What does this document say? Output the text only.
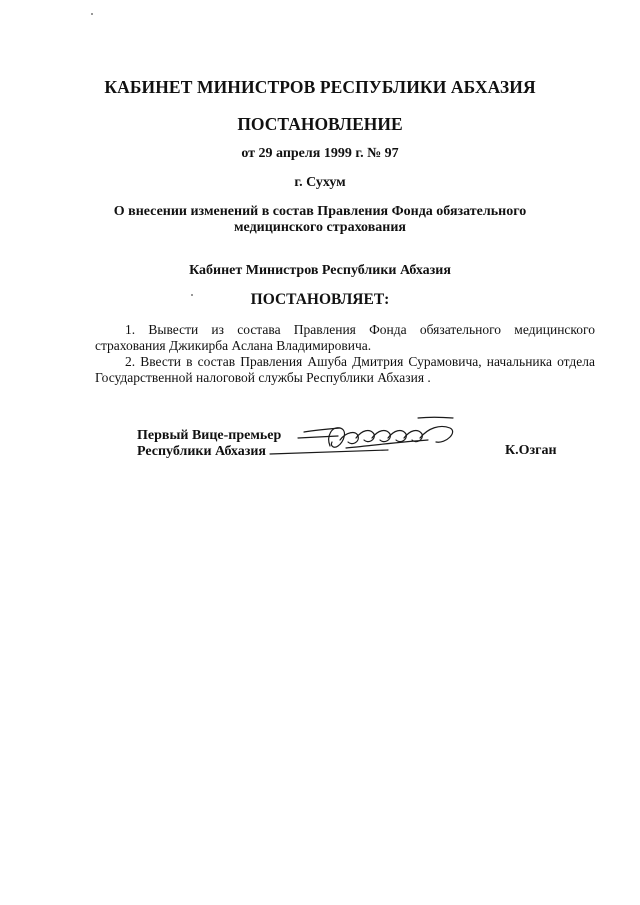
КАБИНЕТ МИНИСТРОВ РЕСПУБЛИКИ АБХАЗИЯ
ПОСТАНОВЛЕНИЕ
от 29 апреля 1999 г. № 97
г. Сухум
О внесении изменений в состав Правления Фонда обязательного медицинского страхования
Кабинет Министров Республики Абхазия
ПОСТАНОВЛЯЕТ:
1. Вывести из состава Правления Фонда обязательного медицинского страхования Джикирба Аслана Владимировича.
2. Ввести в состав Правления Ашуба Дмитрия Сурамовича, начальника отдела Государственной налоговой службы Республики Абхазия .
Первый Вице-премьер
Республики Абхазия	К.Озган
